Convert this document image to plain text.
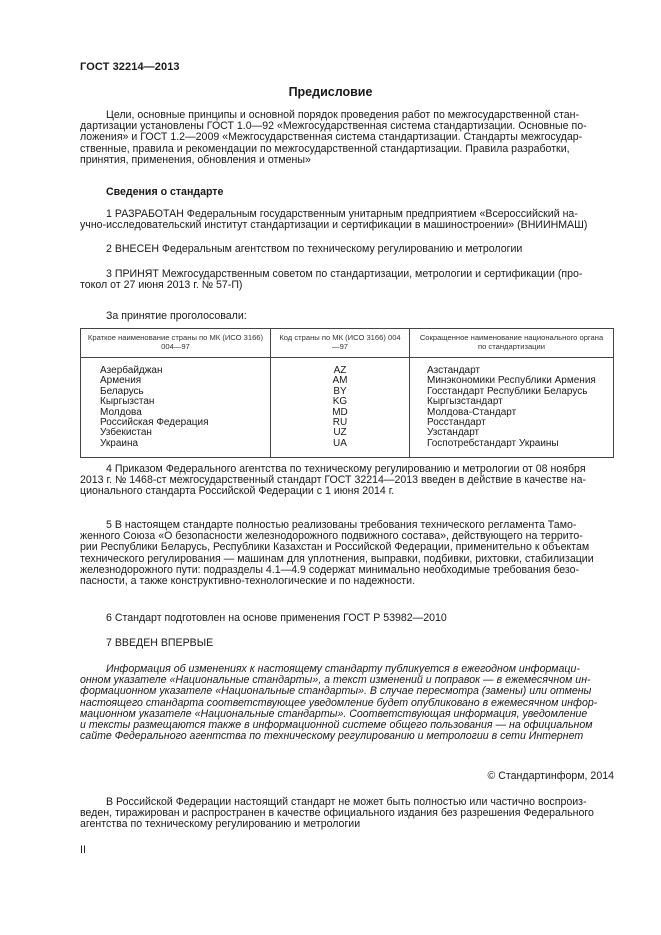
ГОСТ 32214—2013
Предисловие
Цели, основные принципы и основной порядок проведения работ по межгосударственной стан-
дартизации установлены ГОСТ 1.0—92 «Межгосударственная система стандартизации. Основные по-
ложения» и ГОСТ 1.2—2009 «Межгосударственная система стандартизации. Стандарты межгосудар-
ственные, правила и рекомендации по межгосударственной стандартизации. Правила разработки,
принятия, применения, обновления и отмены»
Сведения о стандарте
1 РАЗРАБОТАН Федеральным государственным унитарным предприятием «Всероссийский на-
учно-исследовательский институт стандартизации и сертификации в машиностроении» (ВНИИНМАШ)
2 ВНЕСЕН Федеральным агентством по техническому регулированию и метрологии
3 ПРИНЯТ Межгосударственным советом по стандартизации, метрологии и сертификации (про-
токол от 27 июня 2013 г. № 57-П)
За принятие проголосовали:
Краткое наименование страны по МК (ИСО 3166) 004—97	Код страны по МК (ИСО 3166) 004—97	Сокращенное наименование национального органа по стандартизации
Азербайджан	AZ	Азстандарт
Армения	AM	Минэкономики Республики Армения
Беларусь	BY	Госстандарт Республики Беларусь
Кыргызстан	KG	Кыргызстандарт
Молдова	MD	Молдова-Стандарт
Российская Федерация	RU	Росстандарт
Узбекистан	UZ	Узстандарт
Украина	UA	Госпотребстандарт Украины
4 Приказом Федерального агентства по техническому регулированию и метрологии от 08 ноября
2013 г. № 1468-ст межгосударственный стандарт ГОСТ 32214—2013 введен в действие в качестве на-
ционального стандарта Российской Федерации с 1 июня 2014 г.
5 В настоящем стандарте полностью реализованы требования технического регламента Тамо-
женного Союза «О безопасности железнодорожного подвижного состава», действующего на террито-
рии Республики Беларусь, Республики Казахстан и Российской Федерации, применительно к объектам
технического регулирования — машинам для уплотнения, выправки, подбивки, рихтовки, стабилизации
железнодорожного пути: подразделы 4.1—4.9 содержат минимально необходимые требования безо-
пасности, а также конструктивно-технологические и по надежности.
6 Стандарт подготовлен на основе применения ГОСТ Р 53982—2010
7 ВВЕДЕН ВПЕРВЫЕ
Информация об изменениях к настоящему стандарту публикуется в ежегодном информаци-
онном указателе «Национальные стандарты», а текст изменений и поправок — в ежемесячном ин-
формационном указателе «Национальные стандарты». В случае пересмотра (замены) или отмены
настоящего стандарта соответствующее уведомление будет опубликовано в ежемесячном инфор-
мационном указателе «Национальные стандарты». Соответствующая информация, уведомление
и тексты размещаются также в информационной системе общего пользования — на официальном
сайте Федерального агентства по техническому регулированию и метрологии в сети Интернет
© Стандартинформ, 2014
В Российской Федерации настоящий стандарт не может быть полностью или частично воспроиз-
веден, тиражирован и распространен в качестве официального издания без разрешения Федерального
агентства по техническому регулированию и метрологии
II
